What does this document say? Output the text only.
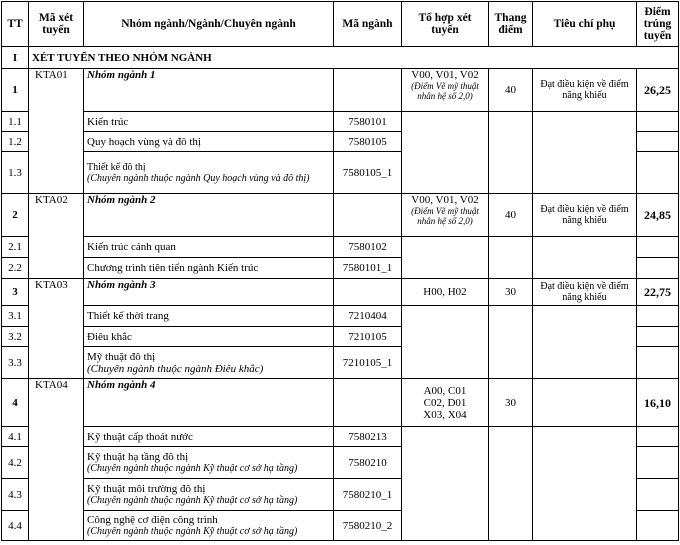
TT	Mã xét tuyển	Nhóm ngành/Ngành/Chuyên ngành	Mã ngành	Tổ hợp xét tuyển	Thang điểm	Tiêu chí phụ	Điểm trúng tuyển
I	XÉT TUYỂN THEO NHÓM NGÀNH						
1	KTA01	Nhóm ngành 1		V00, V01, V02
(Điểm Vẽ mỹ thuật nhân hệ số 2,0)	40	Đạt điều kiện về điểm năng khiếu	26,25
1.1		Kiến trúc	7580101				
1.2		Quy hoạch vùng và đô thị	7580105				
1.3		Thiết kế đô thị
(Chuyên ngành thuộc ngành Quy hoạch vùng và đô thị)	7580105_1				
2	KTA02	Nhóm ngành 2		V00, V01, V02
(Điểm Vẽ mỹ thuật nhân hệ số 2,0)	40	Đạt điều kiện về điểm năng khiếu	24,85
2.1		Kiến trúc cảnh quan	7580102				
2.2		Chương trình tiên tiến ngành Kiến trúc	7580101_1				
3	KTA03	Nhóm ngành 3		H00, H02	30	Đạt điều kiện về điểm năng khiếu	22,75
3.1		Thiết kế thời trang	7210404				
3.2		Điêu khắc	7210105				
3.3		Mỹ thuật đô thị
(Chuyên ngành thuộc ngành Điêu khắc)	7210105_1				
4	KTA04	Nhóm ngành 4		A00, C01
C02, D01
X03, X04	30		16,10
4.1		Kỹ thuật cấp thoát nước	7580213				
4.2		Kỹ thuật hạ tầng đô thị
(Chuyên ngành thuộc ngành Kỹ thuật cơ sở hạ tầng)	7580210				
4.3		Kỹ thuật môi trường đô thị
(Chuyên ngành thuộc ngành Kỹ thuật cơ sở hạ tầng)	7580210_1				
4.4		Công nghệ cơ điện công trình
(Chuyên ngành thuộc ngành Kỹ thuật cơ sở hạ tầng)	7580210_2				
